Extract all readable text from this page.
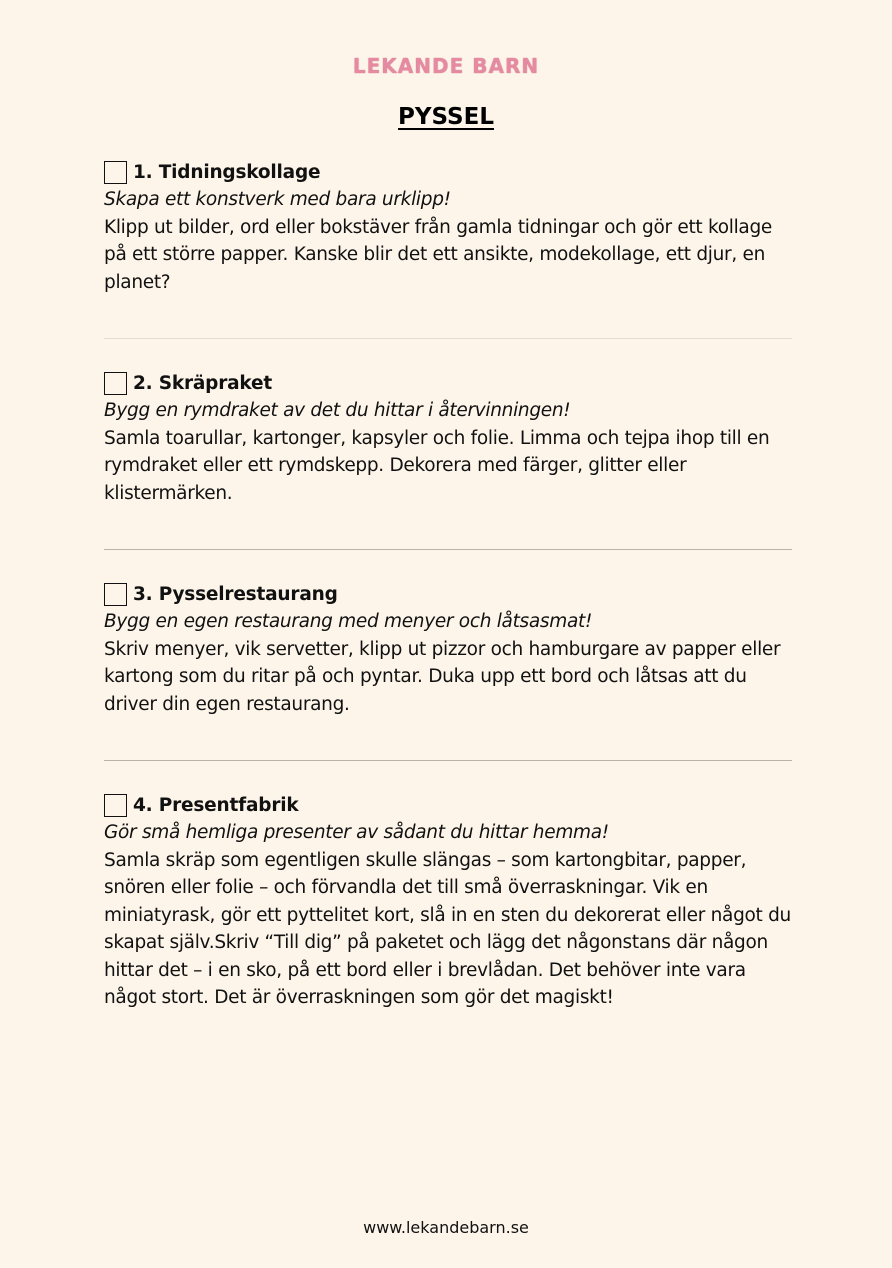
LEKANDE BARN
PYSSEL
1. Tidningskollage
Skapa ett konstverk med bara urklipp!
Klipp ut bilder, ord eller bokstäver från gamla tidningar och gör ett kollage på ett större papper. Kanske blir det ett ansikte, modekollage, ett djur, en planet?
2. Skräpraket
Bygg en rymdraket av det du hittar i återvinningen!
Samla toarullar, kartonger, kapsyler och folie. Limma och tejpa ihop till en rymdraket eller ett rymdskepp. Dekorera med färger, glitter eller klistermärken.
3. Pysselrestaurang
Bygg en egen restaurang med menyer och låtsasmat!
Skriv menyer, vik servetter, klipp ut pizzor och hamburgare av papper eller kartong som du ritar på och pyntar. Duka upp ett bord och låtsas att du driver din egen restaurang.
4. Presentfabrik
Gör små hemliga presenter av sådant du hittar hemma!
Samla skräp som egentligen skulle slängas – som kartongbitar, papper, snören eller folie – och förvandla det till små överraskningar. Vik en miniatyrask, gör ett pyttelitet kort, slå in en sten du dekorerat eller något du skapat själv.Skriv “Till dig” på paketet och lägg det någonstans där någon hittar det – i en sko, på ett bord eller i brevlådan. Det behöver inte vara något stort. Det är överraskningen som gör det magiskt!
www.lekandebarn.se
